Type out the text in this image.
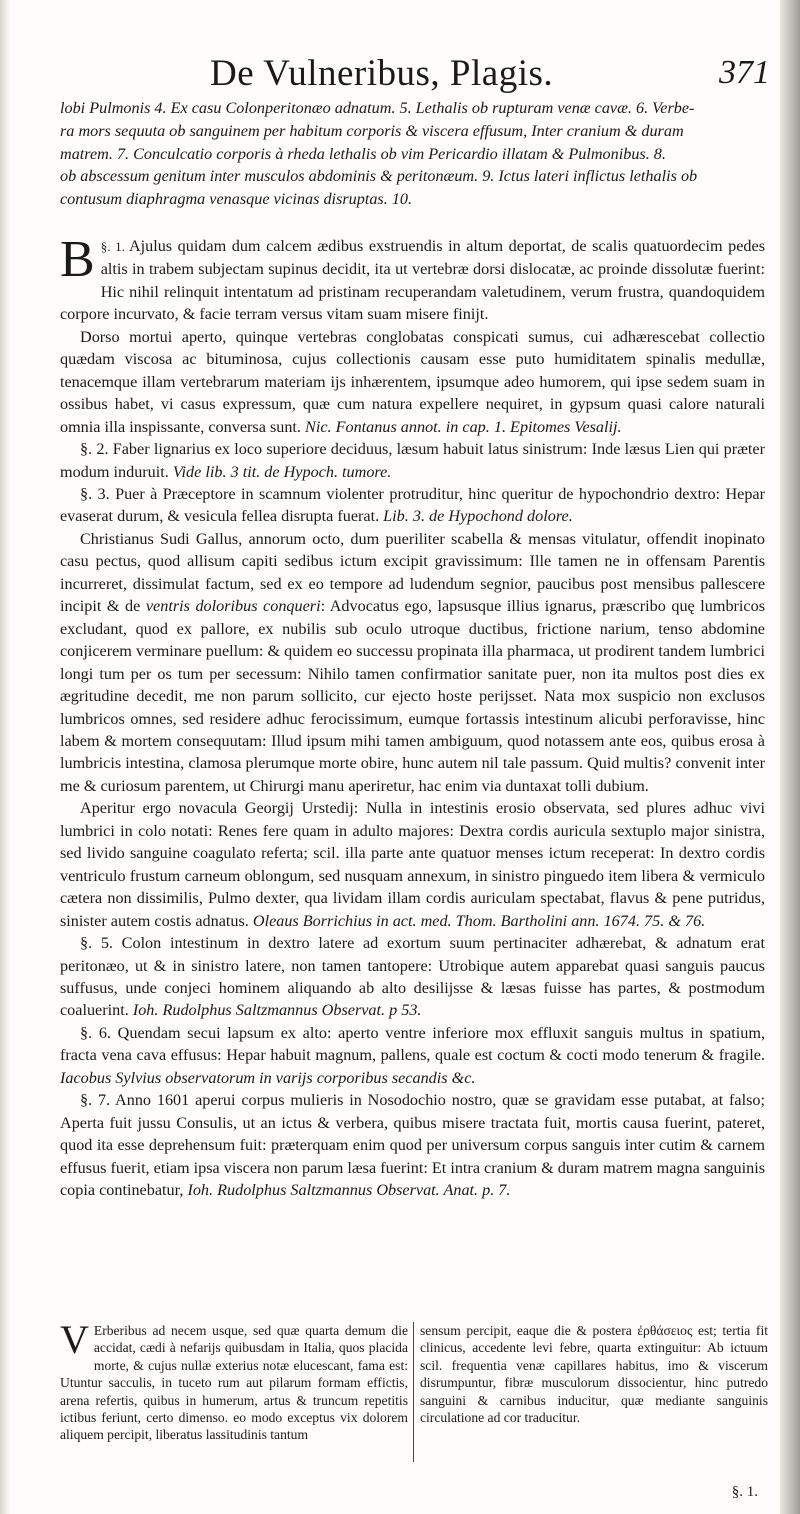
De Vulneribus, Plagis.	371
lobi Pulmonis 4. Ex casu Colonperitonæo adnatum. 5. Lethalis ob rupturam venæ cavæ. 6. Verbe-
ra mors sequuta ob sanguinem per habitum corporis & viscera effusum, Inter cranium & duram
matrem. 7. Conculcatio corporis à rheda lethalis ob vim Pericardio illatam & Pulmonibus. 8.
ob abscessum genitum inter musculos abdominis & peritonæum. 9. Ictus lateri inflictus lethalis ob
contusum diaphragma venasque vicinas disruptas. 10.

§. 1.
B Ajulus quidam dum calcem ædibus exstruendis in altum deportat, de scalis quatuordecim pedes altis in trabem subjectam supinus decidit, ita ut vertebræ dorsi dislocatæ, ac proinde dissolutæ fuerint: Hic nihil relinquit intentatum ad pristinam recuperandam valetudinem, verum frustra, quandoquidem corpore incurvato, & facie terram versus vitam suam misere finijt.

Dorso mortui aperto, quinque vertebras conglobatas conspicati sumus, cui adhærescebat collectio quædam viscosa ac bituminosa, cujus collectionis causam esse puto humiditatem spinalis medullæ, tenacemque illam vertebrarum materiam ijs inhærentem, ipsumque adeo humorem, qui ipse sedem suam in ossibus habet, vi casus expressum, quæ cum natura expellere nequiret, in gypsum quasi calore naturali omnia illa inspissante, conversa sunt. Nic. Fontanus annot. in cap. 1. Epitomes Vesalij.

§. 2. Faber lignarius ex loco superiore deciduus, læsum habuit latus sinistrum: Inde læsus Lien qui præter modum induruit. Vide lib. 3 tit. de Hypoch. tumore.

§. 3. Puer à Præceptore in scamnum violenter protruditur, hinc queritur de hypochondrio dextro: Hepar evaserat durum, & vesicula fellea disrupta fuerat. Lib. 3. de Hypochond dolore.

Christianus Sudi Gallus, annorum octo, dum pueriliter scabella & mensas vitulatur, offendit inopinato casu pectus, quod allisum capiti sedibus ictum excipit gravissimum: Ille tamen ne in offensam Parentis incurreret, dissimulat factum, sed ex eo tempore ad ludendum segnior, paucibus post mensibus pallescere incipit & de ventris doloribus conqueri: Advocatus ego, lapsusque illius ignarus, præscribo quę lumbricos excludant, quod ex pallore, ex nubilis sub oculo utroque ductibus, frictione narium, tenso abdomine conjicerem verminare puellum: & quidem eo successu propinata illa pharmaca, ut prodirent tandem lumbrici longi tum per os tum per secessum: Nihilo tamen confirmatior sanitate puer, non ita multos post dies ex ægritudine decedit, me non parum sollicito, cur ejecto hoste perijsset. Nata mox suspicio non exclusos lumbricos omnes, sed residere adhuc ferocissimum, eumque fortassis intestinum alicubi perforavisse, hinc labem & mortem consequutam: Illud ipsum mihi tamen ambiguum, quod notassem ante eos, quibus erosa à lumbricis intestina, clamosa plerumque morte obire, hunc autem nil tale passum. Quid multis? convenit inter me & curiosum parentem, ut Chirurgi manu aperiretur, hac enim via duntaxat tolli dubium.

Aperitur ergo novacula Georgij Urstedij: Nulla in intestinis erosio observata, sed plures adhuc vivi lumbrici in colo notati: Renes fere quam in adulto majores: Dextra cordis auricula sextuplo major sinistra, sed livido sanguine coagulato referta; scil. illa parte ante quatuor menses ictum receperat: In dextro cordis ventriculo frustum carneum oblongum, sed nusquam annexum, in sinistro pinguedo item libera & vermiculo cætera non dissimilis, Pulmo dexter, qua lividam illam cordis auriculam spectabat, flavus & pene putridus, sinister autem costis adnatus. Oleaus Borrichius in act. med. Thom. Bartholini ann. 1674. 75. & 76.

§. 5. Colon intestinum in dextro latere ad exortum suum pertinaciter adhærebat, & adnatum erat peritonæo, ut & in sinistro latere, non tamen tantopere: Utrobique autem apparebat quasi sanguis paucus suffusus, unde conjeci hominem aliquando ab alto desilijsse & læsas fuisse has partes, & postmodum coaluerint. Ioh. Rudolphus Saltzmannus Observat. p 53.

§. 6. Quendam secui lapsum ex alto: aperto ventre inferiore mox effluxit sanguis multus in spatium, fracta vena cava effusus: Hepar habuit magnum, pallens, quale est coctum & cocti modo tenerum & fragile. Iacobus Sylvius observatorum in varijs corporibus secandis &c.

§. 7. Anno 1601 aperui corpus mulieris in Nosodochio nostro, quæ se gravidam esse putabat, at falso; Aperta fuit jussu Consulis, ut an ictus & verbera, quibus misere tractata fuit, mortis causa fuerint, pateret, quod ita esse deprehensum fuit: præterquam enim quod per universum corpus sanguis inter cutim & carnem effusus fuerit, etiam ipsa viscera non parum læsa fuerint: Et intra cranium & duram matrem magna sanguinis copia continebatur, Ioh. Rudolphus Saltzmannus Observat. Anat. p. 7.

V Erberibus ad necem usque, sed quæ quarta demum die accidat, cædi à nefarijs quibusdam in Italia, quos placida morte, & cujus nullæ exterius notæ elucescant, fama est: Utuntur sacculis, in tuceto rum aut pilarum formam effictis, arena refertis, quibus in humerum, artus & truncum repetitis ictibus feriunt, certo dimenso. eo modo exceptus vix dolorem aliquem percipit, liberatus lassitudinis tantum
sensum percipit, eaque die & postera ἐρθάσειος est; tertia fit clinicus, accedente levi febre, quarta extinguitur: Ab ictuum scil. frequentia venæ capillares habitus, imo & viscerum disrumpuntur, fibræ musculorum dissocientur, hinc putredo sanguini & carnibus inducitur, quæ mediante sanguinis circulatione ad cor traducitur.
§. 1.
